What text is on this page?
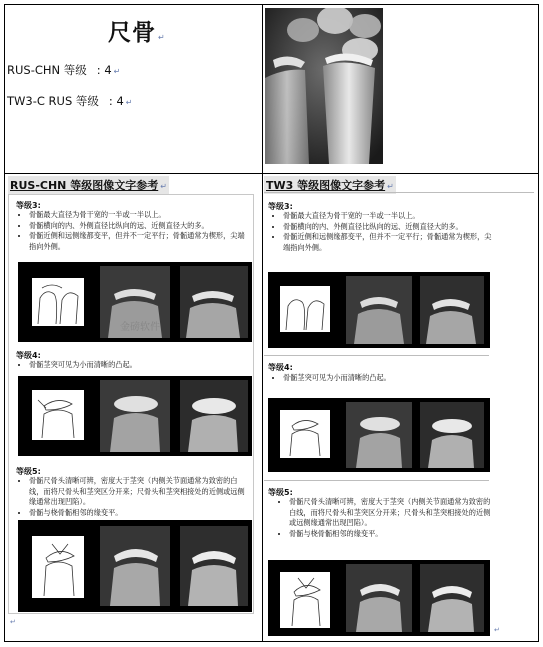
尺骨 ↵
RUS-CHN 等级 : 4 ↵
TW3-C RUS 等级 : 4 ↵
RUS-CHN 等级图像文字参考 ↵
等级3:
• 骨骺最大直径为骨干宽的一半或一半以上。
• 骨骺横向的内、外侧直径比纵向的远、近侧直径大的多。
• 骨骺近侧和远侧缘都变平，但并不一定平行；骨骺通常为楔形，尖端指向外侧。
金磅软件
等级4:
• 骨骺茎突可见为小而清晰的凸起。
等级5:
• 骨骺尺骨头清晰可辨，密度大于茎突（内侧关节面通常为致密的白线，而将尺骨头和茎突区分开来；尺骨头和茎突相接处的近侧或远侧缘通常出现凹陷）。
• 骨骺与桡骨骺相邻的缘变平。
↵
TW3 等级图像文字参考 ↵
等级3:
• 骨骺最大直径为骨干宽的一半或一半以上。
• 骨骺横向的内、外侧直径比纵向的远、近侧直径大的多。
• 骨骺近侧和远侧缘都变平，但并不一定平行；骨骺通常为楔形，尖端指向外侧。
等级4:
• 骨骺茎突可见为小而清晰的凸起。
等级5:
• 骨骺尺骨头清晰可辨，密度大于茎突（内侧关节面通常为致密的白线，而将尺骨头和茎突区分开来；尺骨头和茎突相接处的近侧或远侧缘通常出现凹陷）。
• 骨骺与桡骨骺相邻的缘变平。
↵
